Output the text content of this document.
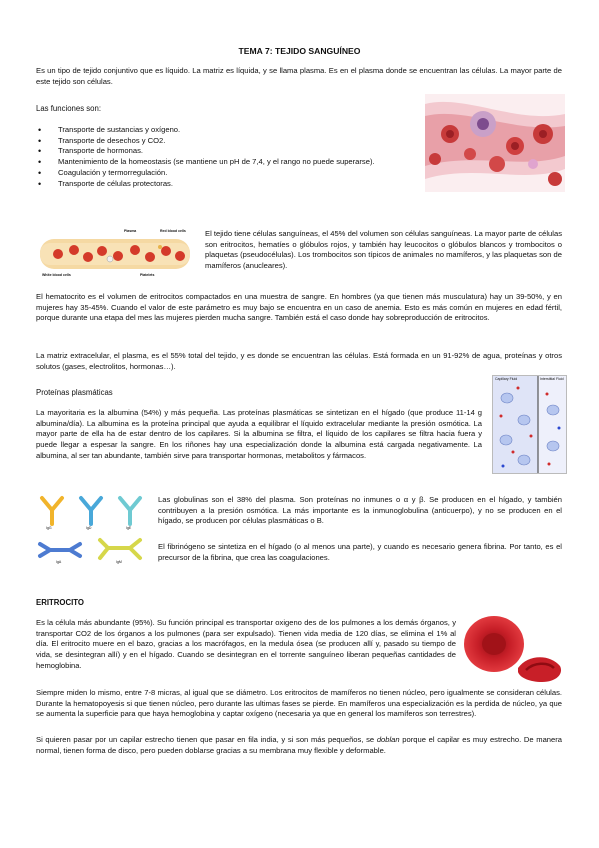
TEMA 7: TEJIDO SANGUÍNEO

Es un tipo de tejido conjuntivo que es líquido. La matriz es líquida, y se llama plasma. Es en el plasma donde se encuentran las células. La mayor parte de este tejido son células.

Las funciones son:
• Transporte de sustancias y oxígeno.
• Transporte de desechos y CO2.
• Transporte de hormonas.
• Mantenimiento de la homeostasis (se mantiene un pH de 7,4, y el rango no puede superarse).
• Coagulación y termorregulación.
• Transporte de células protectoras.
Plasma	Red blood cells
White blood cells	Platelets

El tejido tiene células sanguíneas, el 45% del volumen son células sanguíneas. La mayor parte de células son eritrocitos, hematíes o glóbulos rojos, y también hay leucocitos o glóbulos blancos y trombocitos o plaquetas (pseudocélulas). Los trombocitos son típicos de animales no mamíferos, y las plaquetas son de mamíferos (anucleares).

El hematocrito es el volumen de eritrocitos compactados en una muestra de sangre. En hombres (ya que tienen más musculatura) hay un 39-50%, y en mujeres hay 35-45%. Cuando el valor de este parámetro es muy bajo se encuentra en un caso de anemia. Esto es más común en mujeres en edad fértil, porque durante una etapa del mes las mujeres pierden mucha sangre. También está el caso donde hay sobreproducción de eritrocitos.

La matriz extracelular, el plasma, es el 55% total del tejido, y es donde se encuentran las células. Está formada en un 91-92% de agua, proteínas y otros solutos (gases, electrolitos, hormonas…).

Proteínas plasmáticas

La mayoritaria es la albumina (54%) y más pequeña. Las proteínas plasmáticas se sintetizan en el hígado (que produce 11-14 g albumina/día). La albumina es la proteína principal que ayuda a equilibrar el líquido extracelular mediante la presión osmótica. La mayor parte de ella ha de estar dentro de los capilares. Si la albumina se filtra, el líquido de los capilares se filtra hacia fuera y puede llegar a espesar la sangre. En los riñones hay una especialización donde la albumina está cargada negativamente. La albumina, al ser tan abundante, también sirve para transportar hormonas, metabolitos y fármacos.

Capillary Fluid	Interstitial Fluid
IgG	IgD	IgE
IgA	IgM

Las globulinas son el 38% del plasma. Son proteínas no inmunes o α y β. Se producen en el hígado, y también contribuyen a la presión osmótica. La más importante es la inmunoglobulina (anticuerpo), y no se producen en el hígado, se producen por células plasmáticas o B.

El fibrinógeno se sintetiza en el hígado (o al menos una parte), y cuando es necesario genera fibrina. Por tanto, es el precursor de la fibrina, que crea las coagulaciones.

ERITROCITO

Es la célula más abundante (95%). Su función principal es transportar oxigeno des de los pulmones a los demás órganos, y transportar CO2 de los órganos a los pulmones (para ser expulsado). Tienen vida media de 120 días, se elimina el 1% al día. El eritrocito muere en el bazo, gracias a los macrófagos, en la medula ósea (se producen allí y, pasado su tiempo de vida, se desintegran allí) y en el hígado. Cuando se desintegran en el torrente sanguíneo liberan pequeñas cantidades de hemoglobina.

Siempre miden lo mismo, entre 7-8 micras, al igual que se diámetro. Los eritrocitos de mamíferos no tienen núcleo, pero igualmente se consideran células. Durante la hematopoyesis si que tienen núcleo, pero durante las ultimas fases se pierde. En mamíferos una especialización es la perdida de núcleo, ya que se aumenta la superficie para que haya hemoglobina y captar oxígeno (necesaria ya que en general los mamíferos son terrestres).

Si quieren pasar por un capilar estrecho tienen que pasar en fila india, y si son más pequeños, se doblan porque el capilar es muy estrecho. De manera normal, tienen forma de disco, pero pueden doblarse gracias a su membrana muy flexible y deformable.
